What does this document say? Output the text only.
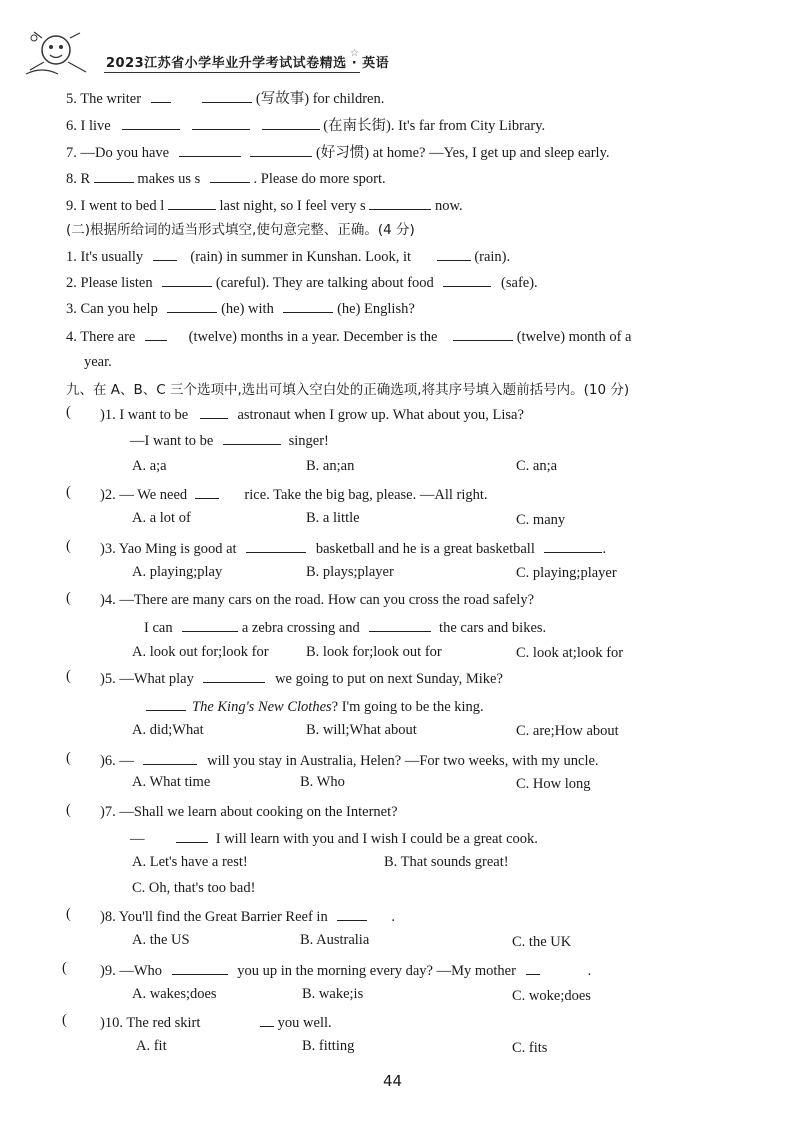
2023江苏省小学毕业升学考试试卷精选 · 英语
☆
5. The writer	(写故事) for children.
6. I live	(在南长街). It's far from City Library.
7. —Do you have	(好习惯) at home? —Yes, I get up and sleep early.
8. R	makes us s	. Please do more sport.
9. I went to bed l	last night, so I feel very s	now.
(二)根据所给词的适当形式填空,使句意完整、正确。(4 分)
1. It's usually	(rain) in summer in Kunshan. Look, it	(rain).
2. Please listen	(careful). They are talking about food	(safe).
3. Can you help	(he) with	(he) English?
4. There are	(twelve) months in a year. December is the	(twelve) month of a
year.
九、在 A、B、C 三个选项中,选出可填入空白处的正确选项,将其序号填入题前括号内。(10 分)
( )1. I want to be	astronaut when I grow up. What about you, Lisa?
—I want to be	singer!
A. a;a	B. an;an	C. an;a
( )2. — We need	rice. Take the big bag, please. —All right.
A. a lot of	B. a little	C. many
( )3. Yao Ming is good at	basketball and he is a great basketball	.
A. playing;play	B. plays;player	C. playing;player
( )4. —There are many cars on the road. How can you cross the road safely?
I can	a zebra crossing and	the cars and bikes.
A. look out for;look for	B. look for;look out for	C. look at;look for
( )5. —What play	we going to put on next Sunday, Mike?
The King's New Clothes? I'm going to be the king.
A. did;What	B. will;What about	C. are;How about
( )6. —	will you stay in Australia, Helen? —For two weeks, with my uncle.
A. What time	B. Who	C. How long
( )7. —Shall we learn about cooking on the Internet?
—	I will learn with you and I wish I could be a great cook.
A. Let's have a rest!	B. That sounds great!
C. Oh, that's too bad!
( )8. You'll find the Great Barrier Reef in	.
A. the US	B. Australia	C. the UK
( )9. —Who	you up in the morning every day? —My mother	.
A. wakes;does	B. wake;is	C. woke;does
( )10. The red skirt	you well.
A. fit	B. fitting	C. fits
44
